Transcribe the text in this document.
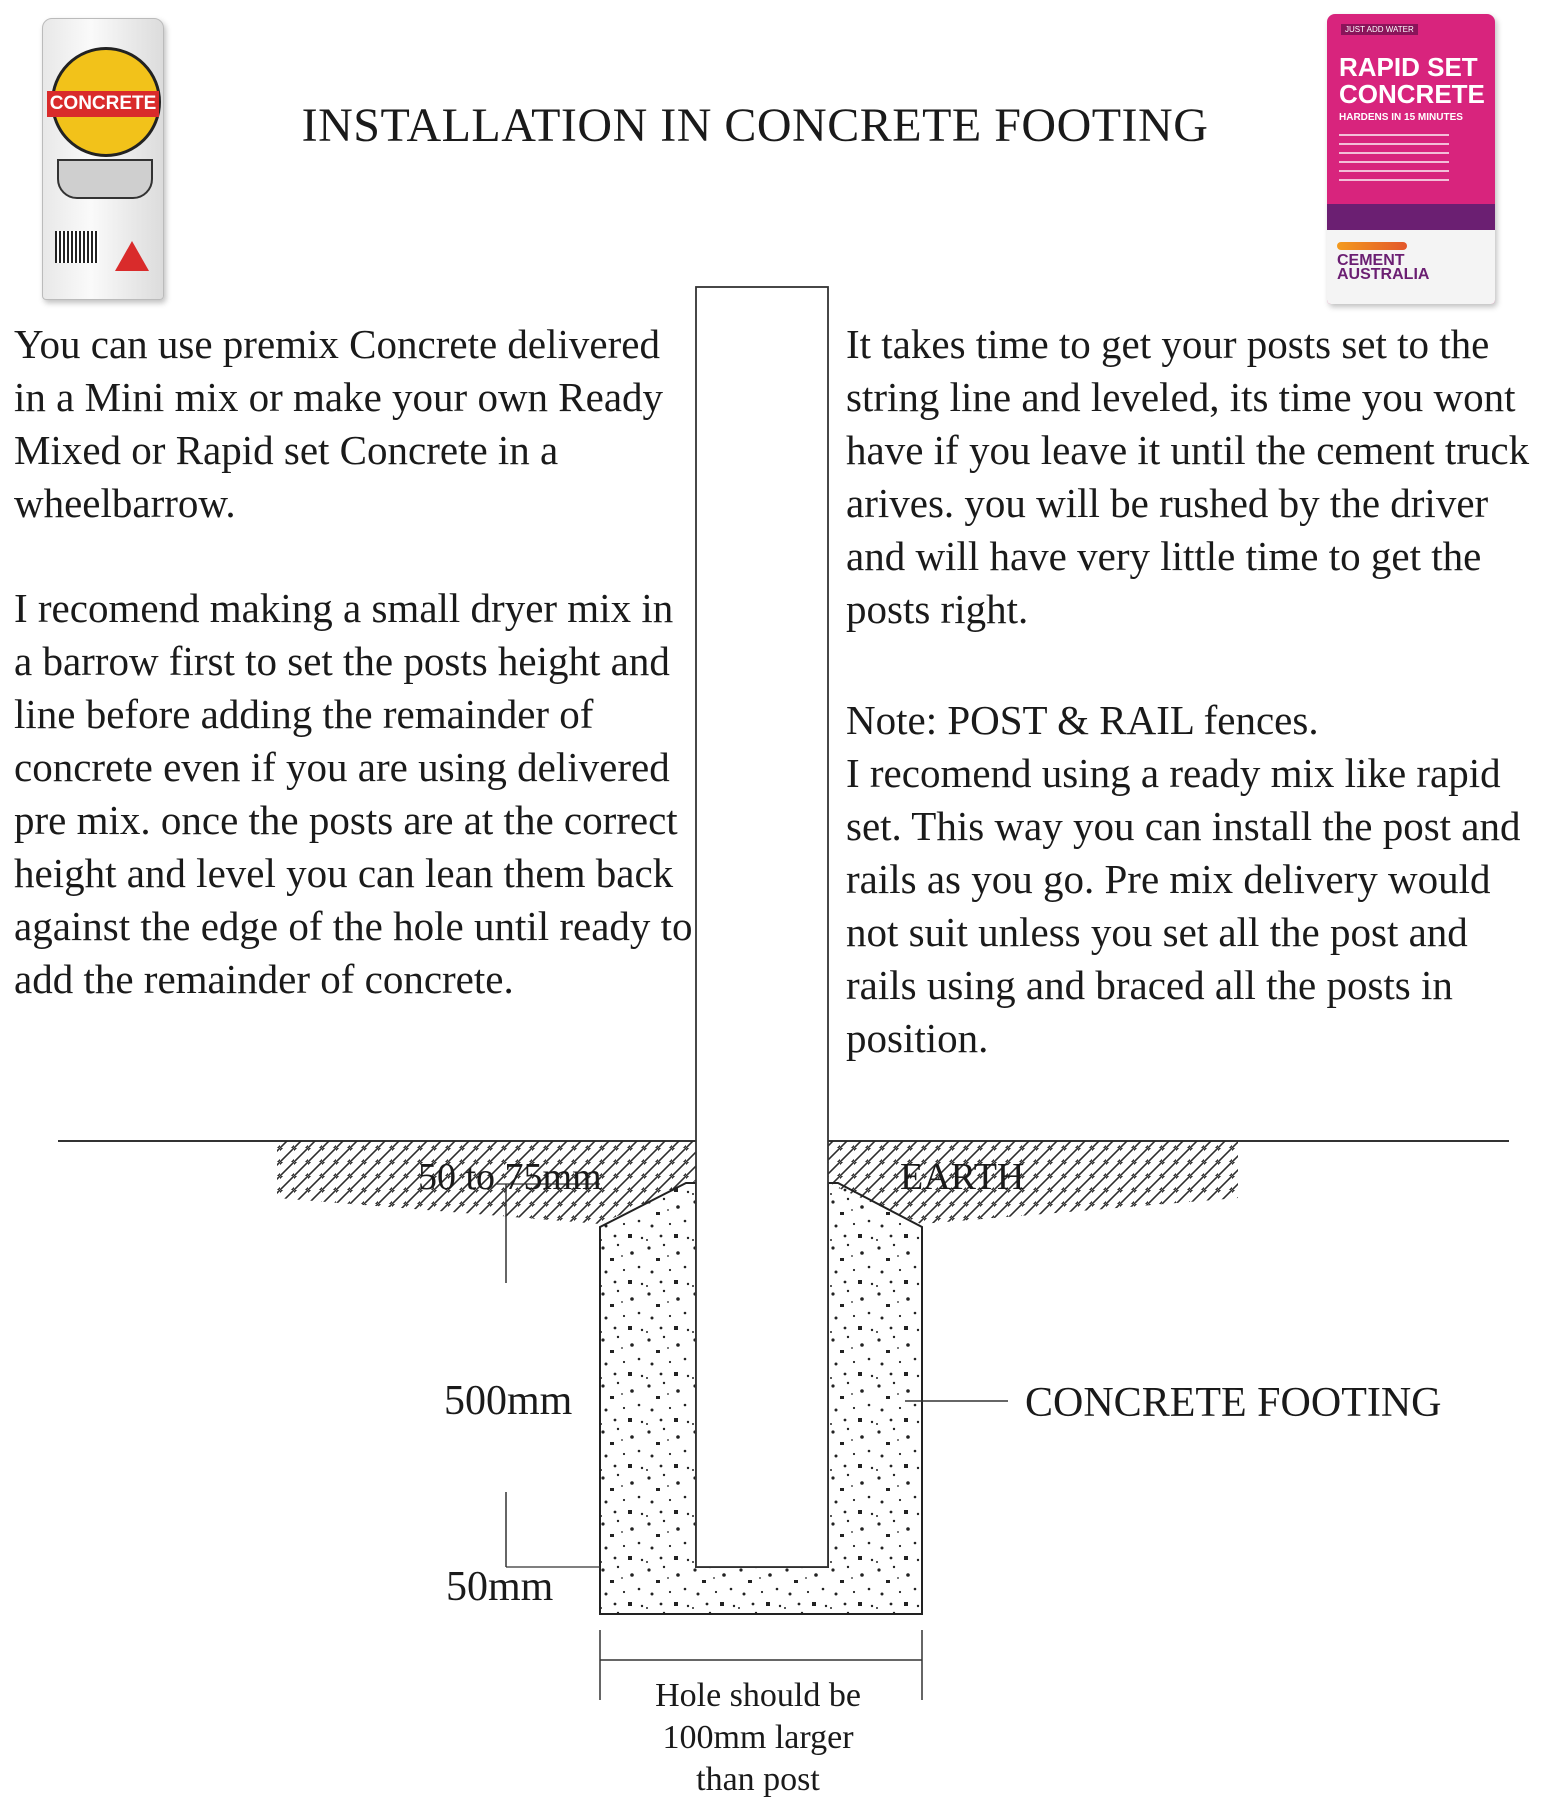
INSTALLATION IN CONCRETE FOOTING
CONCRETE
JUST ADD WATER
RAPID SET CONCRETE
HARDENS IN 15 MINUTES
CEMENT AUSTRALIA

You can use premix Concrete delivered in a Mini mix or make your own Ready Mixed or Rapid set Concrete in a wheelbarrow.

I recomend making a small dryer mix in a barrow first to set the posts height and line before adding the remainder of concrete even if you are using delivered pre mix. once the posts are at the correct height and level you can lean them back against the edge of the hole until ready to add the remainder of concrete.

It takes time to get your posts set to the string line and leveled, its time you wont have if you leave it until the cement truck arives. you will be rushed by the driver and will have very little time to get the posts right.

Note: POST & RAIL fences.

I recomend using a ready mix like rapid set. This way you can install the post and rails as you go. Pre mix delivery would not suit unless you set all the post and rails using and braced all the posts in position.

50 to 75mm	EARTH
500mm
50mm
CONCRETE FOOTING
Hole should be
100mm larger
than post
